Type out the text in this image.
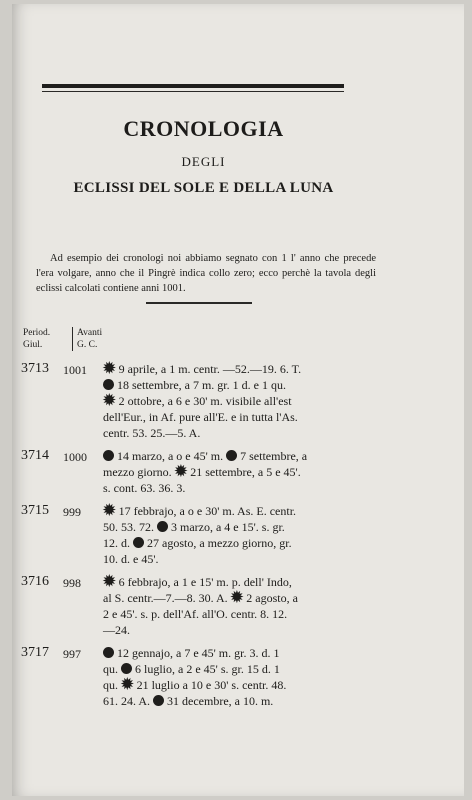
CRONOLOGIA
DEGLI
ECLISSI DEL SOLE E DELLA LUNA
Ad esempio dei cronologi noi abbiamo segnato con 1 l' anno che precede l'era volgare, anno che il Pingrè indica collo zero; ecco perchè la tavola degli eclissi calcolati contiene anni 1001.
Period.
Giul.
Avanti
G. C.
3713 1001 ✹ 9 aprile, a 1 m. centr. —52.—19. 6. T.
18 settembre, a 7 m. gr. 1 d. e 1 qu.
✹ 2 ottobre, a 6 e 30' m. visibile all'est
dell'Eur., in Af. pure all'E. e in tutta l'As.
centr. 53. 25.—5. A.
3714 1000	14 marzo, a o e 45' m.  7 settembre, a
mezzo giorno. ✹ 21 settembre, a 5 e 45'.
s. cont. 63. 36. 3.
3715 999 ✹ 17 febbrajo, a o e 30' m. As. E. centr.
50. 53. 72.  3 marzo, a 4 e 15'. s. gr.
12. d.  27 agosto, a mezzo giorno, gr.
10. d. e 45'.
3716 998 ✹ 6 febbrajo, a 1 e 15' m. p. dell' Indo,
al S. centr.—7.—8. 30. A. ✹ 2 agosto, a
2 e 45'. s. p. dell'Af. all'O. centr. 8. 12.
—24.
3717 997	12 gennajo, a 7 e 45' m. gr. 3. d. 1
qu.  6 luglio, a 2 e 45' s. gr. 15 d. 1
qu. ✹ 21 luglio a 10 e 30' s. centr. 48.
61. 24. A.  31 decembre, a 10. m.
